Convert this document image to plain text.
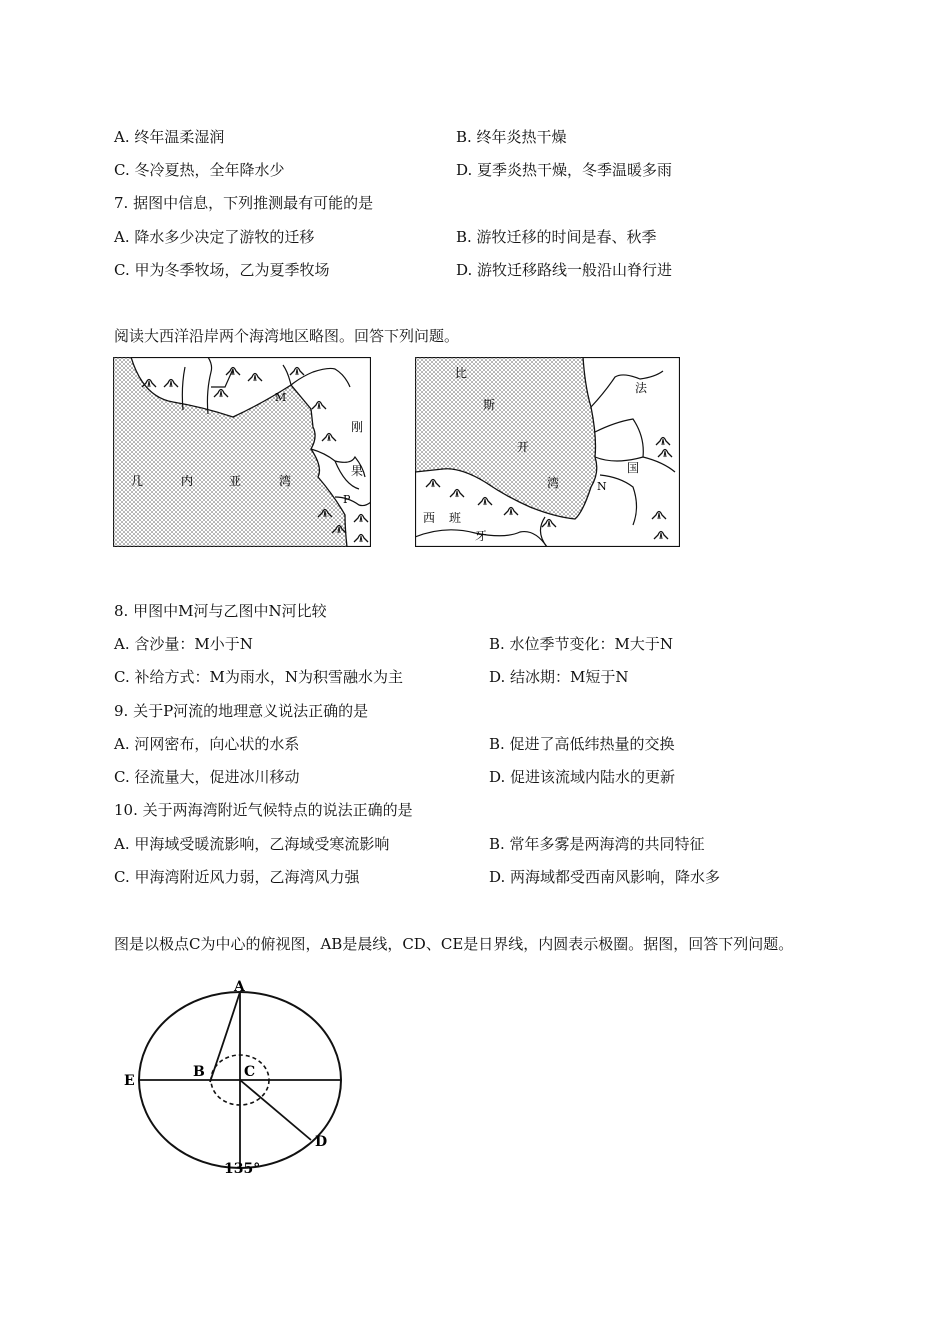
A. 终年温柔湿润	B. 终年炎热干燥
C. 冬冷夏热，全年降水少	D. 夏季炎热干燥，冬季温暖多雨
7. 据图中信息，下列推测最有可能的是
A. 降水多少决定了游牧的迁移	B. 游牧迁移的时间是春、秋季
C. 甲为冬季牧场，乙为夏季牧场	D. 游牧迁移路线一般沿山脊行进
阅读大西洋沿岸两个海湾地区略图。回答下列问题。
几	内	亚	湾
刚
果
M
P
比
斯
开
湾
法
国
西 班
牙
N
8. 甲图中M河与乙图中N河比较
A. 含沙量：M小于N	B. 水位季节变化：M大于N
C. 补给方式：M为雨水，N为积雪融水为主	D. 结冰期：M短于N
9. 关于P河流的地理意义说法正确的是
A. 河网密布，向心状的水系	B. 促进了高低纬热量的交换
C. 径流量大，促进冰川移动	D. 促进该流域内陆水的更新
10. 关于两海湾附近气候特点的说法正确的是
A. 甲海域受暖流影响，乙海域受寒流影响	B. 常年多雾是两海湾的共同特征
C. 甲海湾附近风力弱，乙海湾风力强	D. 两海域都受西南风影响，降水多
图是以极点C为中心的俯视图，AB是晨线，CD、CE是日界线，内圆表示极圈。据图，回答下列问题。
A
B	C
D
E
135°
